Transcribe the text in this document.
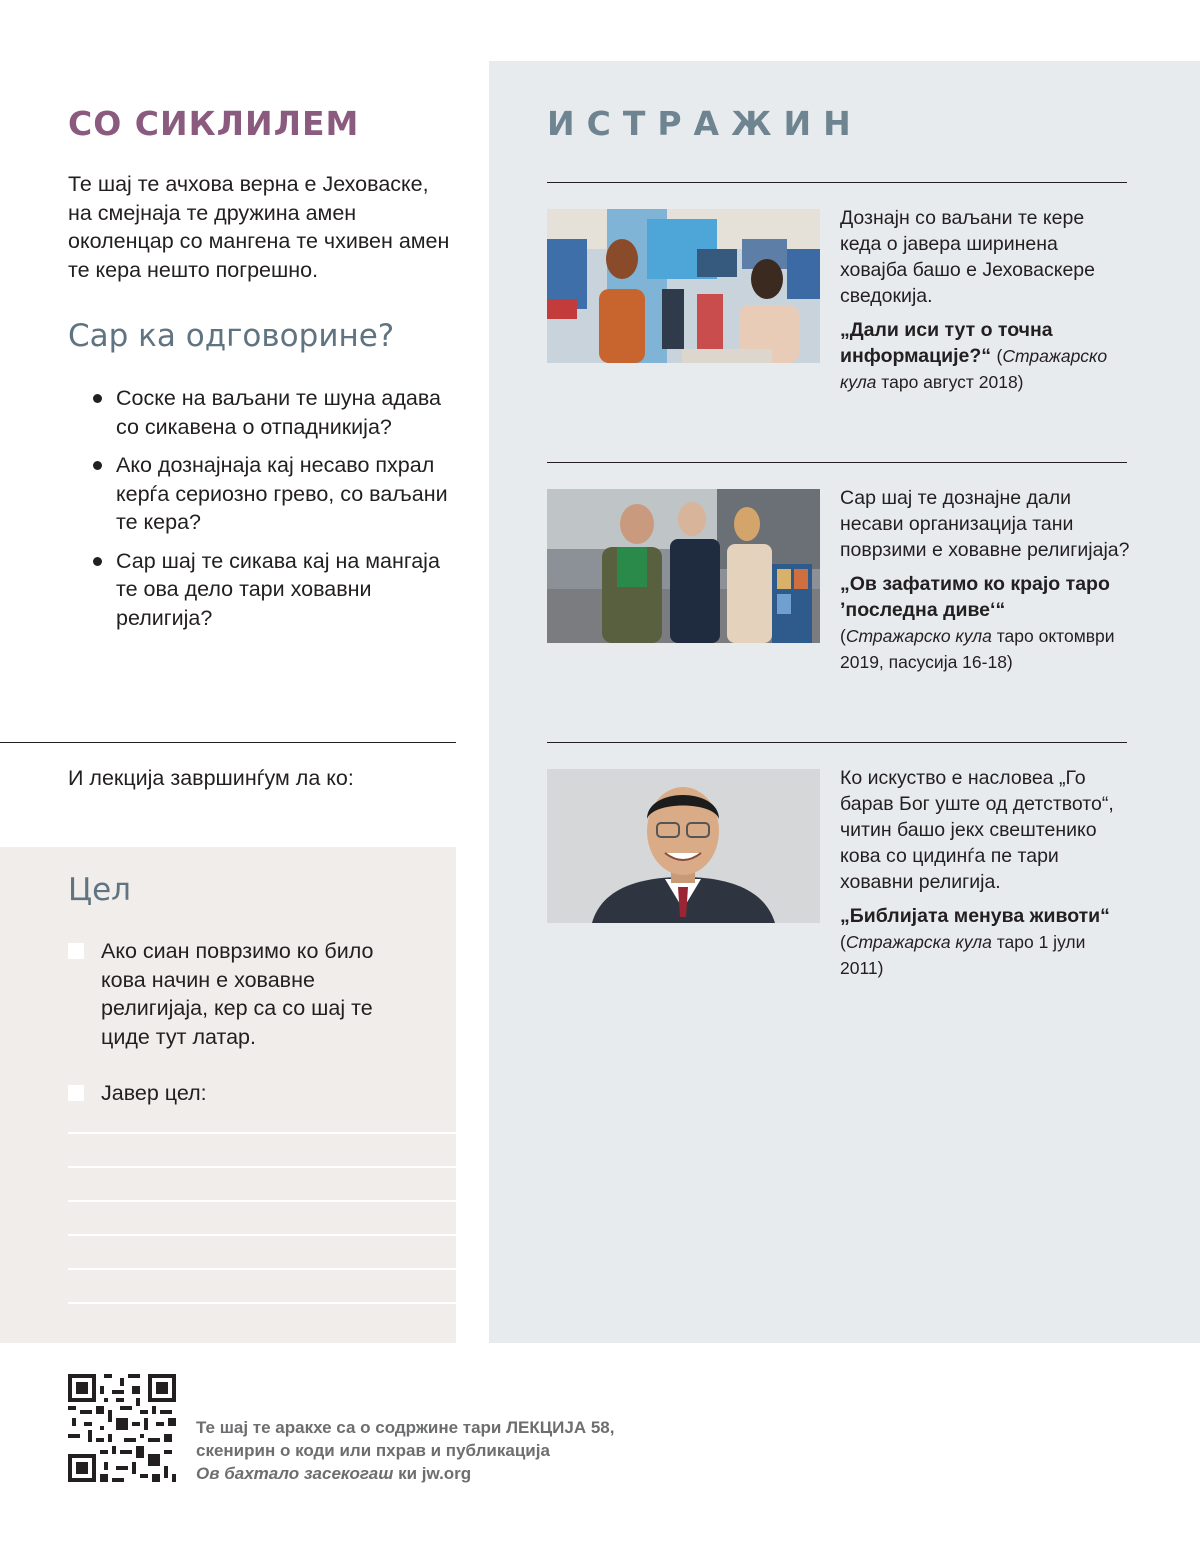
СО СИКЛИЛЕМ

Те шај те ачхова верна е Јеховаске, на смејнаја те дружина амен околенцар со мангена те чхивен амен те кера нешто погрешно.

Сар ка одговорине?
Соске на ваљани те шуна адава со сикавена о отпадникија?
Ако дознајнаја кај несаво пхрал керѓа сериозно грево, со ваљани те кера?
Сар шај те сикава кај на мангаја те ова дело тари ховавни религија?
И лекција завршинѓум ла ко:
Цел
Ако сиан поврзимо ко било кова начин е ховавне религијаја, кер са со шај те циде тут латар.
Јавер цел:
ИСТРАЖИН

Дознајн со ваљани те кере кеда о јавера ширинена ховајба башо е Јеховаскере сведокија.

„Дали иси тут о точна информације?“ (Стражарско кула таро август 2018)

Сар шај те дознајне дали несави организација тани поврзими е ховавне религијаја?

„Ов зафатимо ко крајо таро ’последна диве‘“

(Стражарско кула таро октомври 2019, пасусија 16-18)

Ко искуство е насловеа „Го барав Бог уште од детството“, читин башо јекх свештенико кова со цидинѓа пе тари ховавни религија.

„Библијата менува животи“

(Стражарска кула таро 1 јули 2011)

Те шај те аракхе са о содржине тари ЛЕКЦИЈА 58,
скенирин о коди или пхрав и публикација
Ов бахтало засекогаш ки jw.org
